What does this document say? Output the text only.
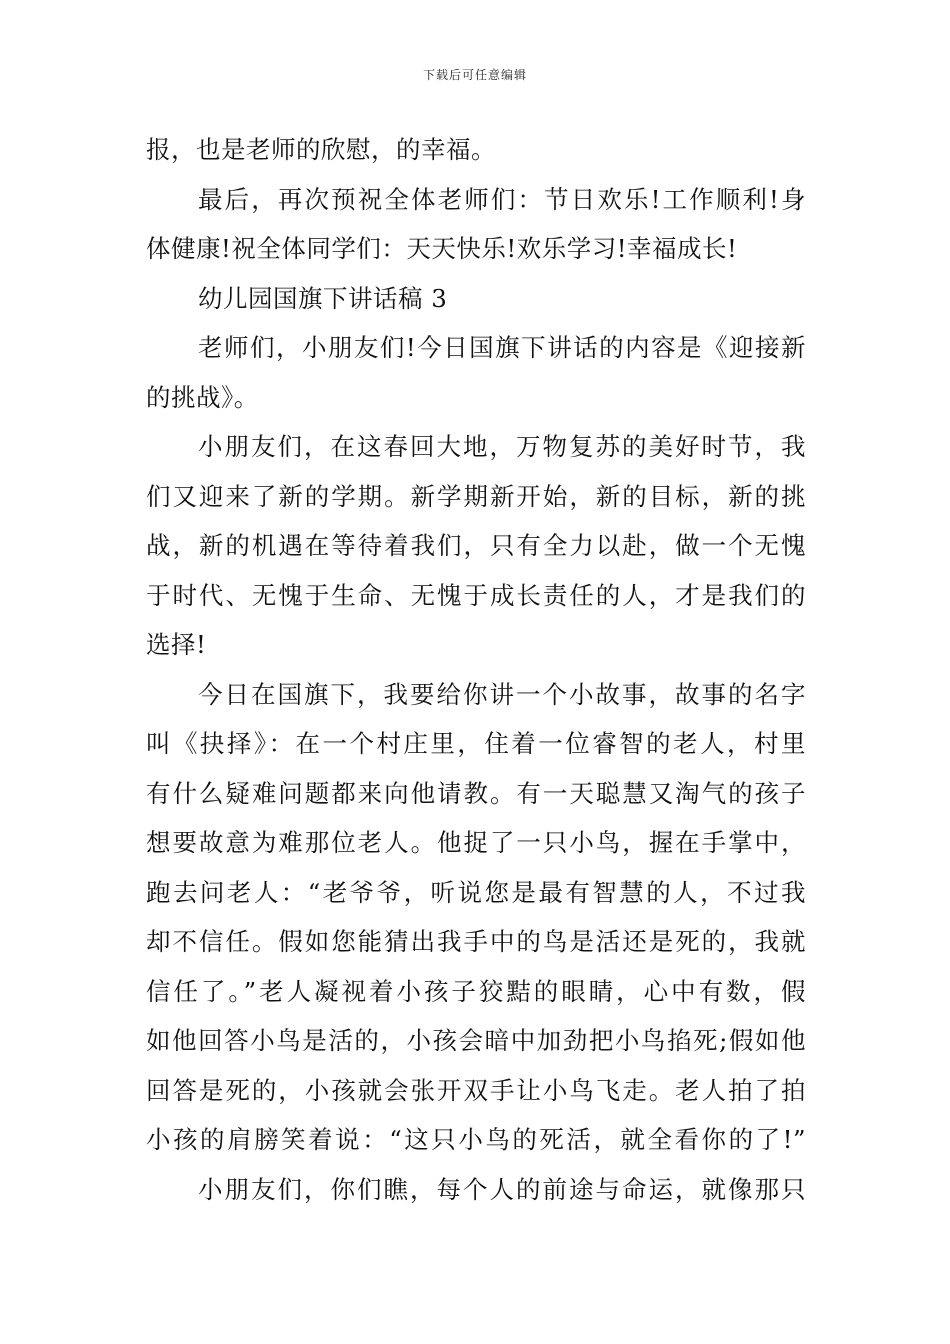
下载后可任意编辑
报，也是老师的欣慰，的幸福。
最后，再次预祝全体老师们：节日欢乐!工作顺利!身
体健康!祝全体同学们：天天快乐!欢乐学习!幸福成长!
幼儿园国旗下讲话稿 3
老师们，小朋友们!今日国旗下讲话的内容是《迎接新
的挑战》。
小朋友们，在这春回大地，万物复苏的美好时节，我
们又迎来了新的学期。新学期新开始，新的目标，新的挑
战，新的机遇在等待着我们，只有全力以赴，做一个无愧
于时代、无愧于生命、无愧于成长责任的人，才是我们的
选择!
今日在国旗下，我要给你讲一个小故事，故事的名字
叫《抉择》：在一个村庄里，住着一位睿智的老人，村里
有什么疑难问题都来向他请教。有一天聪慧又淘气的孩子
想要故意为难那位老人。他捉了一只小鸟，握在手掌中，
跑去问老人：“老爷爷，听说您是最有智慧的人，不过我
却不信任。假如您能猜出我手中的鸟是活还是死的，我就
信任了。”老人凝视着小孩子狡黠的眼睛，心中有数，假
如他回答小鸟是活的，小孩会暗中加劲把小鸟掐死;假如他
回答是死的，小孩就会张开双手让小鸟飞走。老人拍了拍
小孩的肩膀笑着说：“这只小鸟的死活，就全看你的了!”
小朋友们，你们瞧，每个人的前途与命运，就像那只
